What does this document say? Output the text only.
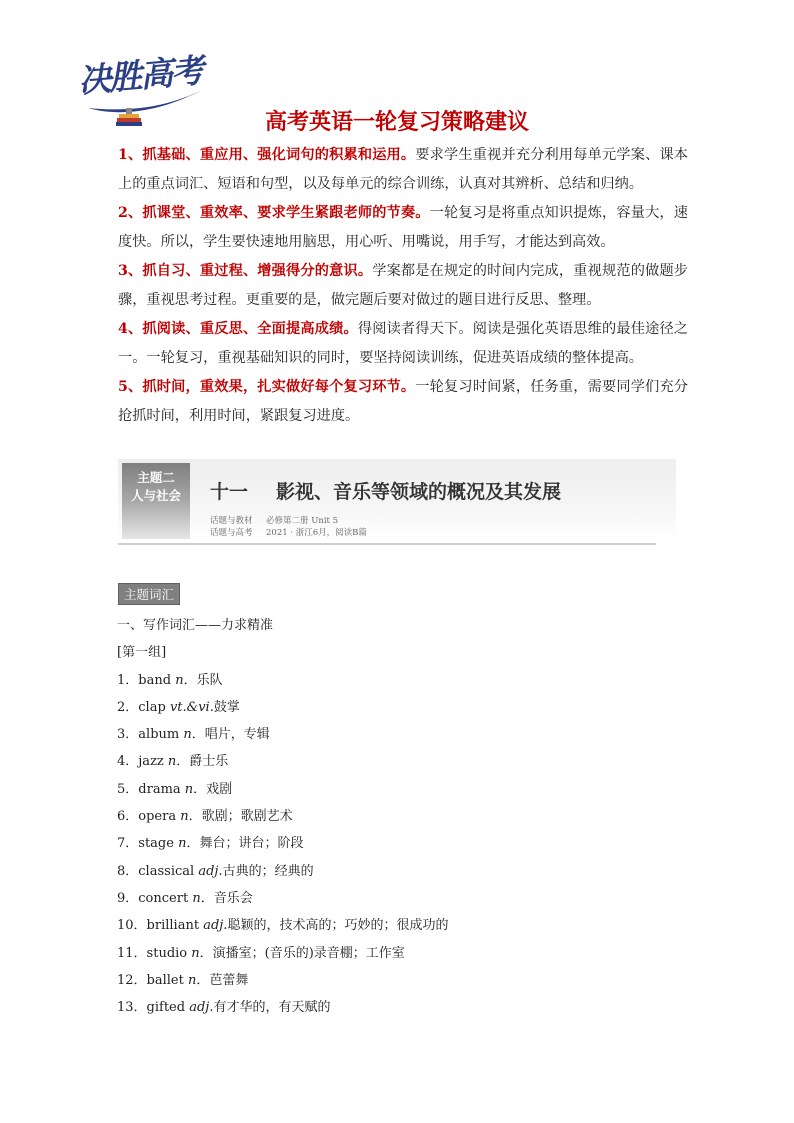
决胜高考
高考英语一轮复习策略建议

1、抓基础、重应用、强化词句的积累和运用。要求学生重视并充分利用每单元学案、课本上的重点词汇、短语和句型，以及每单元的综合训练，认真对其辨析、总结和归纳。

2、抓课堂、重效率、要求学生紧跟老师的节奏。一轮复习是将重点知识提炼，容量大，速度快。所以，学生要快速地用脑思，用心听、用嘴说，用手写，才能达到高效。

3、抓自习、重过程、增强得分的意识。学案都是在规定的时间内完成，重视规范的做题步骤，重视思考过程。更重要的是，做完题后要对做过的题目进行反思、整理。

4、抓阅读、重反思、全面提高成绩。得阅读者得天下。阅读是强化英语思维的最佳途径之一。一轮复习，重视基础知识的同时，要坚持阅读训练，促进英语成绩的整体提高。

5、抓时间，重效果，扎实做好每个复习环节。一轮复习时间紧，任务重，需要同学们充分抢抓时间，利用时间，紧跟复习进度。

主题二
人与社会	十一 影视、音乐等领域的概况及其发展
话题与教材 必修第二册 Unit 5
话题与高考 2021 · 浙江6月，阅读B篇
主题词汇
一、写作词汇——力求精准
[第一组]
1．band n．乐队
2．clap vt.&vi.鼓掌
3．album n．唱片，专辑
4．jazz n．爵士乐
5．drama n．戏剧
6．opera n．歌剧；歌剧艺术
7．stage n．舞台；讲台；阶段
8．classical adj.古典的；经典的
9．concert n．音乐会
10．brilliant adj.聪颖的，技术高的；巧妙的；很成功的
11．studio n．演播室；(音乐的)录音棚；工作室
12．ballet n．芭蕾舞
13．gifted adj.有才华的，有天赋的
